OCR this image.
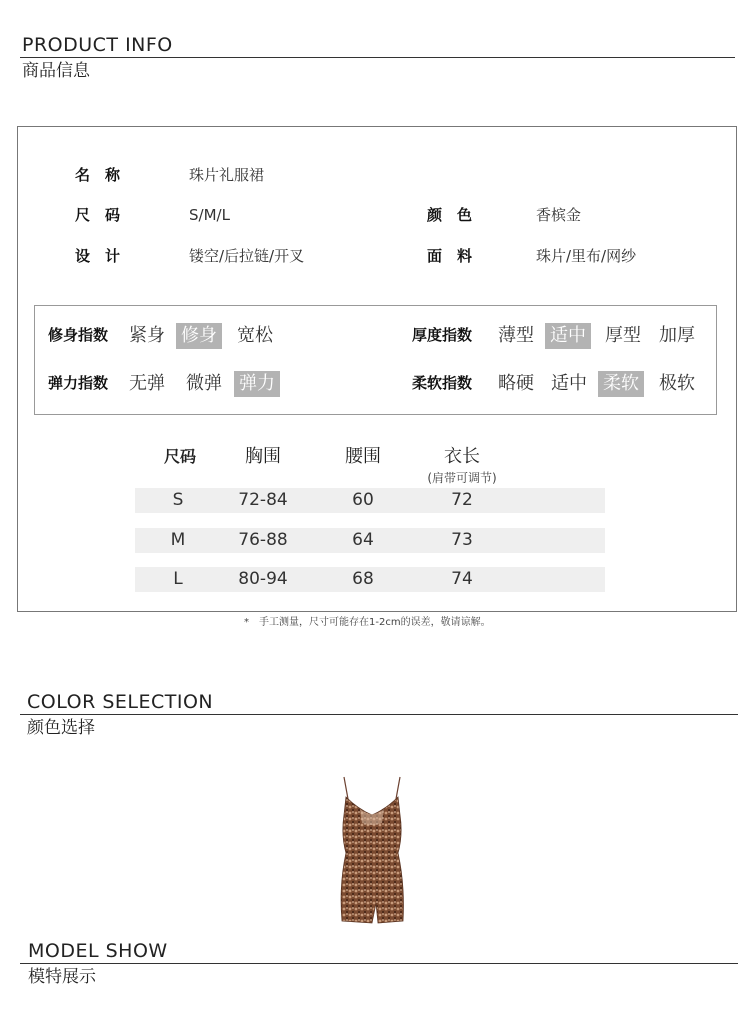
PRODUCT INFO
商品信息
名　称	珠片礼服裙
尺　码	S/M/L	颜　色	香槟金
设　计	镂空/后拉链/开叉	面　料	珠片/里布/网纱
修身指数 紧身 修身 宽松	厚度指数 薄型 适中 厚型 加厚
弹力指数 无弹 微弹 弹力	柔软指数 略硬 适中 柔软 极软
尺码	胸围	腰围	衣长
(肩带可调节)
S	72-84	60	72
M	76-88	64	73
L	80-94	68	74
*　手工测量，尺寸可能存在1-2cm的误差，敬请谅解。
COLOR SELECTION
颜色选择
MODEL SHOW
模特展示
